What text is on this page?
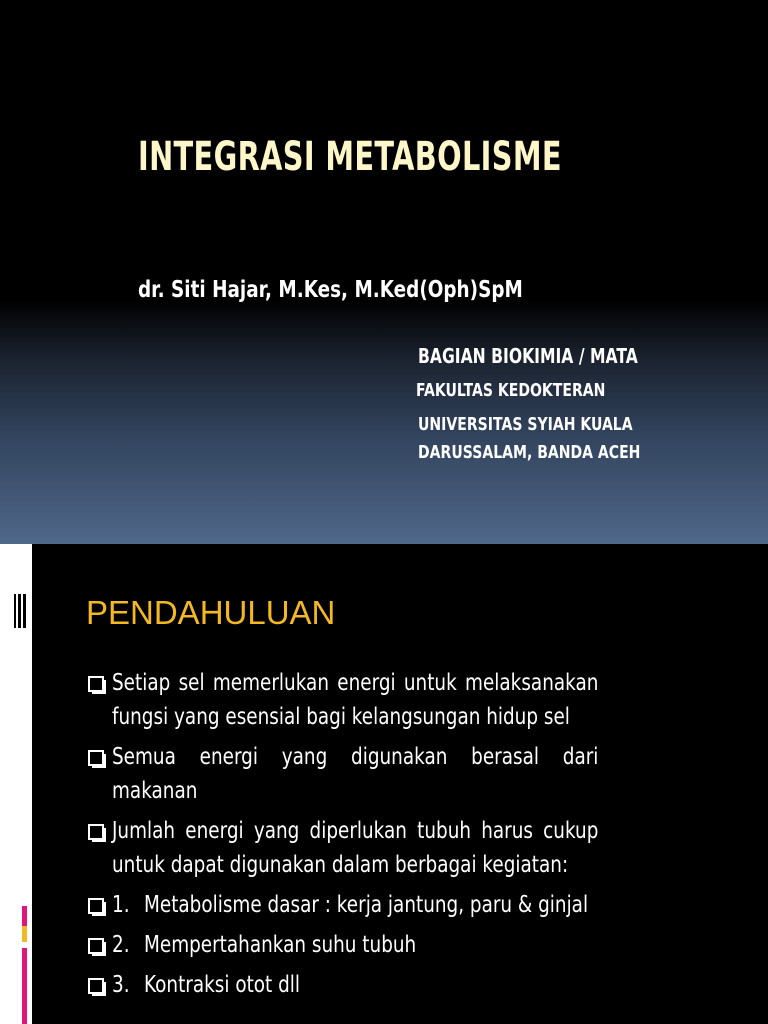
INTEGRASI METABOLISME
dr. Siti Hajar, M.Kes, M.Ked(Oph)SpM
BAGIAN BIOKIMIA / MATA
FAKULTAS KEDOKTERAN
UNIVERSITAS SYIAH KUALA
DARUSSALAM, BANDA ACEH
PENDAHULUAN
Setiap sel memerlukan energi untuk melaksanakan fungsi yang esensial bagi kelangsungan hidup sel
Semua energi yang digunakan berasal dari makanan
Jumlah energi yang diperlukan tubuh harus cukup untuk dapat digunakan dalam berbagai kegiatan:
1. Metabolisme dasar : kerja jantung, paru & ginjal
2. Mempertahankan suhu tubuh
3. Kontraksi otot dll
